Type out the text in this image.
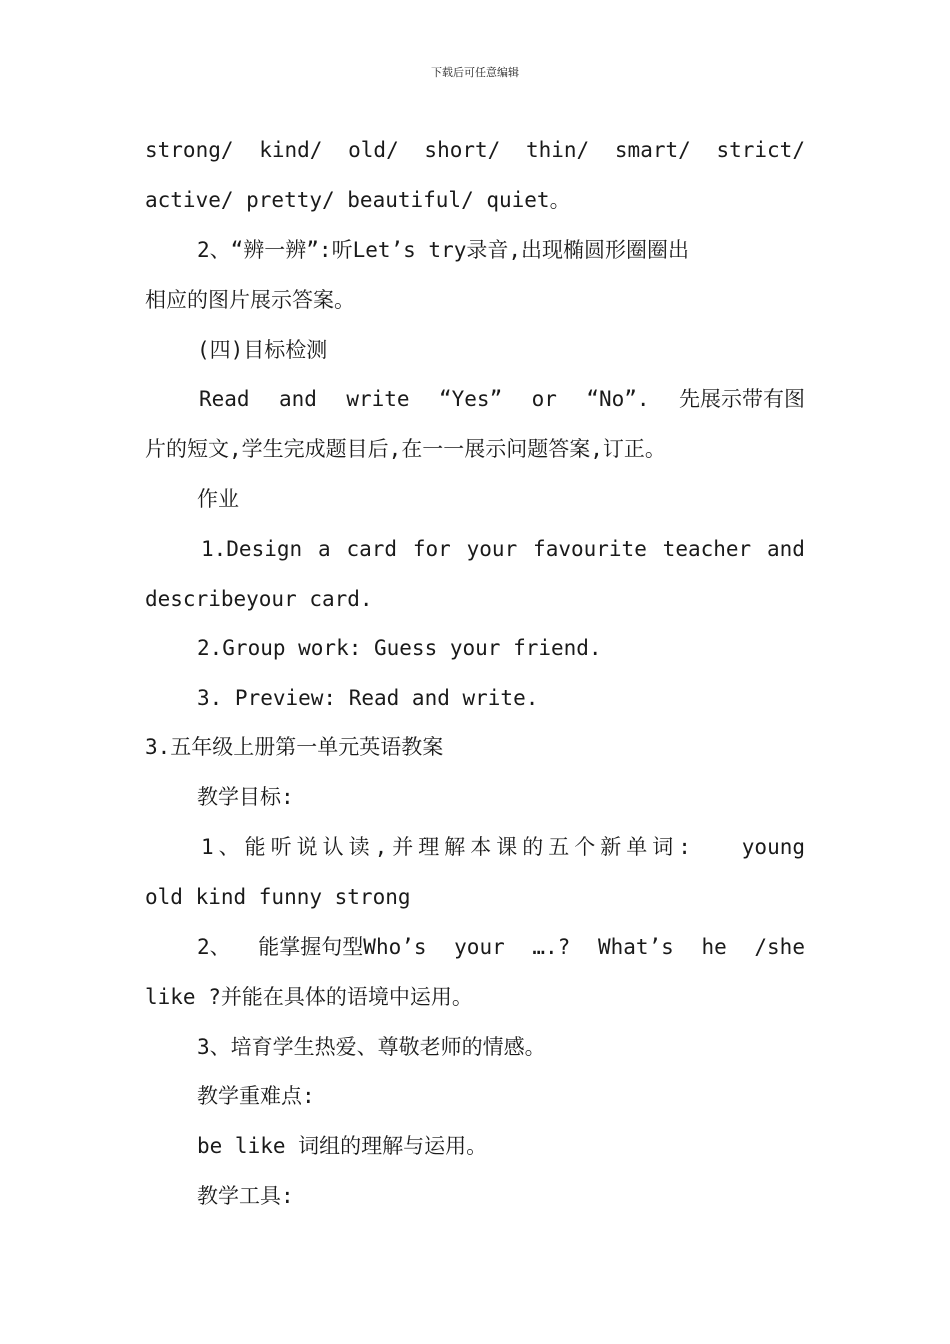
下载后可任意编辑
strong/ kind/ old/ short/ thin/ smart/ strict/
active/ pretty/ beautiful/ quiet。
2、“辨一辨”:听Let’s try录音,出现椭圆形圈圈出
相应的图片展示答案。
(四)目标检测
Read and write “Yes” or “No”. 先展示带有图
片的短文,学生完成题目后,在一一展示问题答案,订正。
作业
1.Design a card for your favourite teacher and
describeyour card.
2.Group work: Guess your friend.
3. Preview: Read and write.
3.五年级上册第一单元英语教案
教学目标:
1、能听说认读,并理解本课的五个新单词: young
old kind funny strong
2、 能掌握句型Who’s your ….? What’s he /she
like ?并能在具体的语境中运用。
3、培育学生热爱、尊敬老师的情感。
教学重难点:
be like 词组的理解与运用。
教学工具:
